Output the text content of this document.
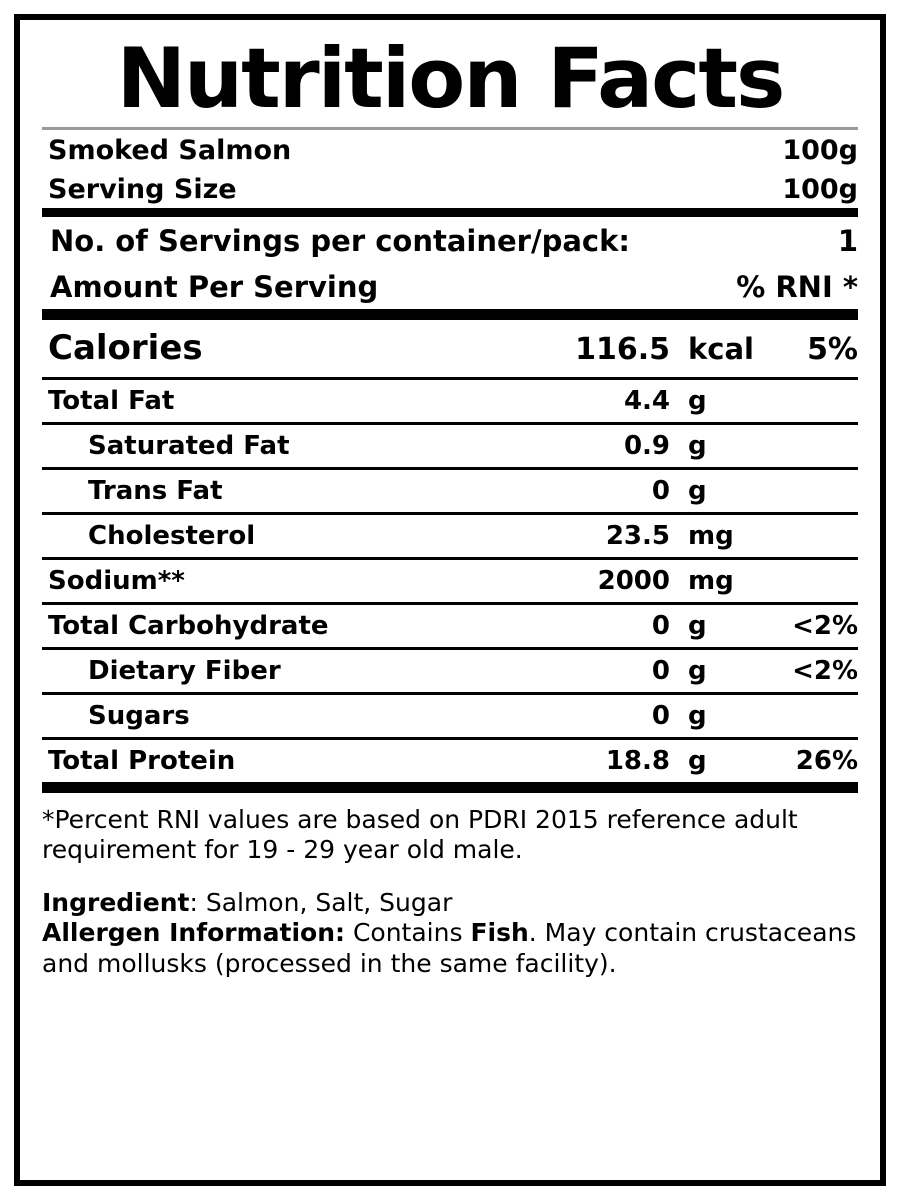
Nutrition Facts
Smoked Salmon	100g
Serving Size	100g
No. of Servings per container/pack:	1
Amount Per Serving	% RNI *
Calories	116.5 kcal	5%
Total Fat	4.4 g
Saturated Fat	0.9 g
Trans Fat	0 g
Cholesterol	23.5 mg
Sodium**	2000 mg
Total Carbohydrate	0 g	<2%
Dietary Fiber	0 g	<2%
Sugars	0 g
Total Protein	18.8 g	26%

*Percent RNI values are based on PDRI 2015 reference adult requirement for 19 - 29 year old male.

Ingredient: Salmon, Salt, Sugar

Allergen Information: Contains Fish. May contain crustaceans and mollusks (processed in the same facility).
